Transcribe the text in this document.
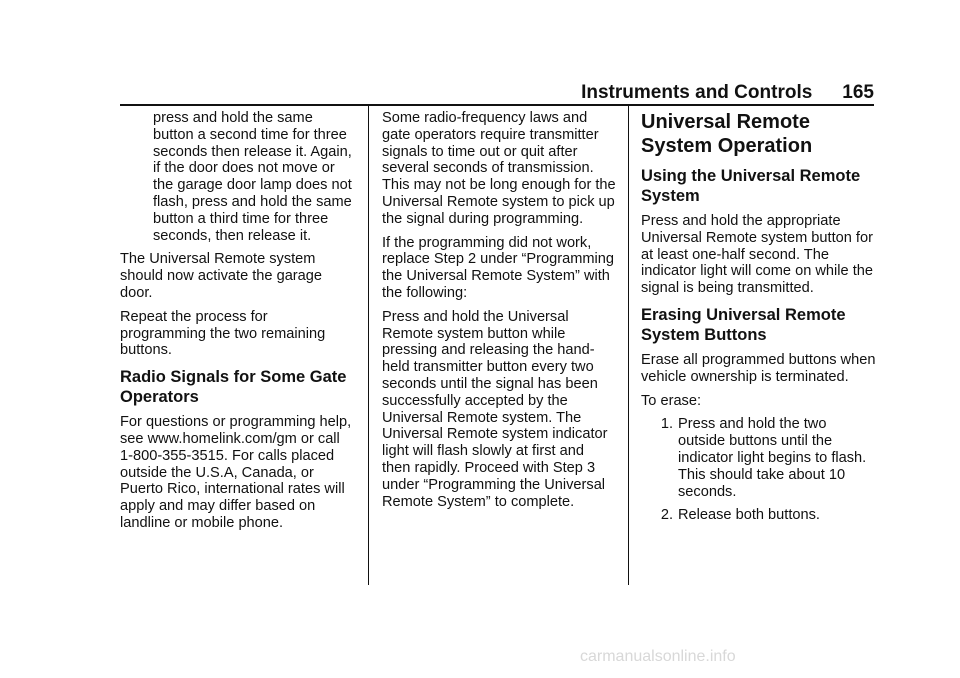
Instruments and Controls 165

press and hold the same button a second time for three seconds then release it. Again, if the door does not move or the garage door lamp does not flash, press and hold the same button a third time for three seconds, then release it.

The Universal Remote system should now activate the garage door.

Repeat the process for programming the two remaining buttons.

Radio Signals for Some Gate Operators

For questions or programming help, see www.homelink.com/gm or call 1-800-355-3515. For calls placed outside the U.S.A, Canada, or Puerto Rico, international rates will apply and may differ based on landline or mobile phone.

Some radio-frequency laws and gate operators require transmitter signals to time out or quit after several seconds of transmission. This may not be long enough for the Universal Remote system to pick up the signal during programming.

If the programming did not work, replace Step 2 under “Programming the Universal Remote System” with the following:

Press and hold the Universal Remote system button while pressing and releasing the hand-held transmitter button every two seconds until the signal has been successfully accepted by the Universal Remote system. The Universal Remote system indicator light will flash slowly at first and then rapidly. Proceed with Step 3 under “Programming the Universal Remote System” to complete.

Universal Remote System Operation
Using the Universal Remote System

Press and hold the appropriate Universal Remote system button for at least one-half second. The indicator light will come on while the signal is being transmitted.

Erasing Universal Remote System Buttons

Erase all programmed buttons when vehicle ownership is terminated.

To erase:

1. Press and hold the two outside buttons until the indicator light begins to flash. This should take about 10 seconds.
2. Release both buttons.
carmanualsonline.info
